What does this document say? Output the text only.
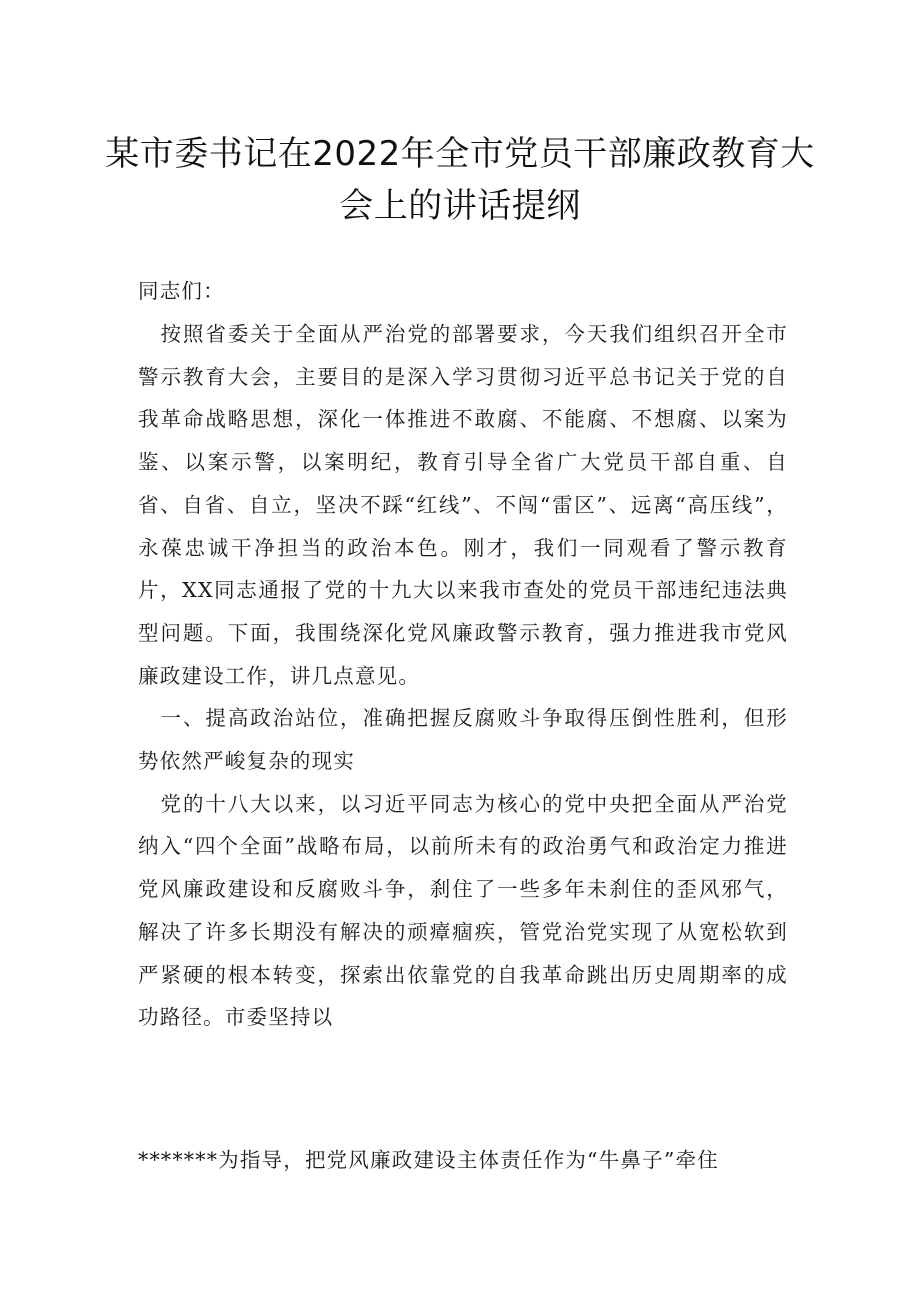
某市委书记在2022年全市党员干部廉政教育大会上的讲话提纲
同志们：

按照省委关于全面从严治党的部署要求，今天我们组织召开全市警示教育大会，主要目的是深入学习贯彻习近平总书记关于党的自我革命战略思想，深化一体推进不敢腐、不能腐、不想腐、以案为鉴、以案示警，以案明纪，教育引导全省广大党员干部自重、自省、自省、自立，坚决不踩“红线”、不闯“雷区”、远离“高压线”，永葆忠诚干净担当的政治本色。刚才，我们一同观看了警示教育片，XX同志通报了党的十九大以来我市查处的党员干部违纪违法典型问题。下面，我围绕深化党风廉政警示教育，强力推进我市党风廉政建设工作，讲几点意见。

一、提高政治站位，准确把握反腐败斗争取得压倒性胜利，但形势依然严峻复杂的现实

党的十八大以来，以习近平同志为核心的党中央把全面从严治党纳入“四个全面”战略布局，以前所未有的政治勇气和政治定力推进党风廉政建设和反腐败斗争，刹住了一些多年未刹住的歪风邪气，解决了许多长期没有解决的顽瘴痼疾，管党治党实现了从宽松软到严紧硬的根本转变，探索出依靠党的自我革命跳出历史周期率的成功路径。市委坚持以

*******为指导，把党风廉政建设主体责任作为“牛鼻子”牵住
